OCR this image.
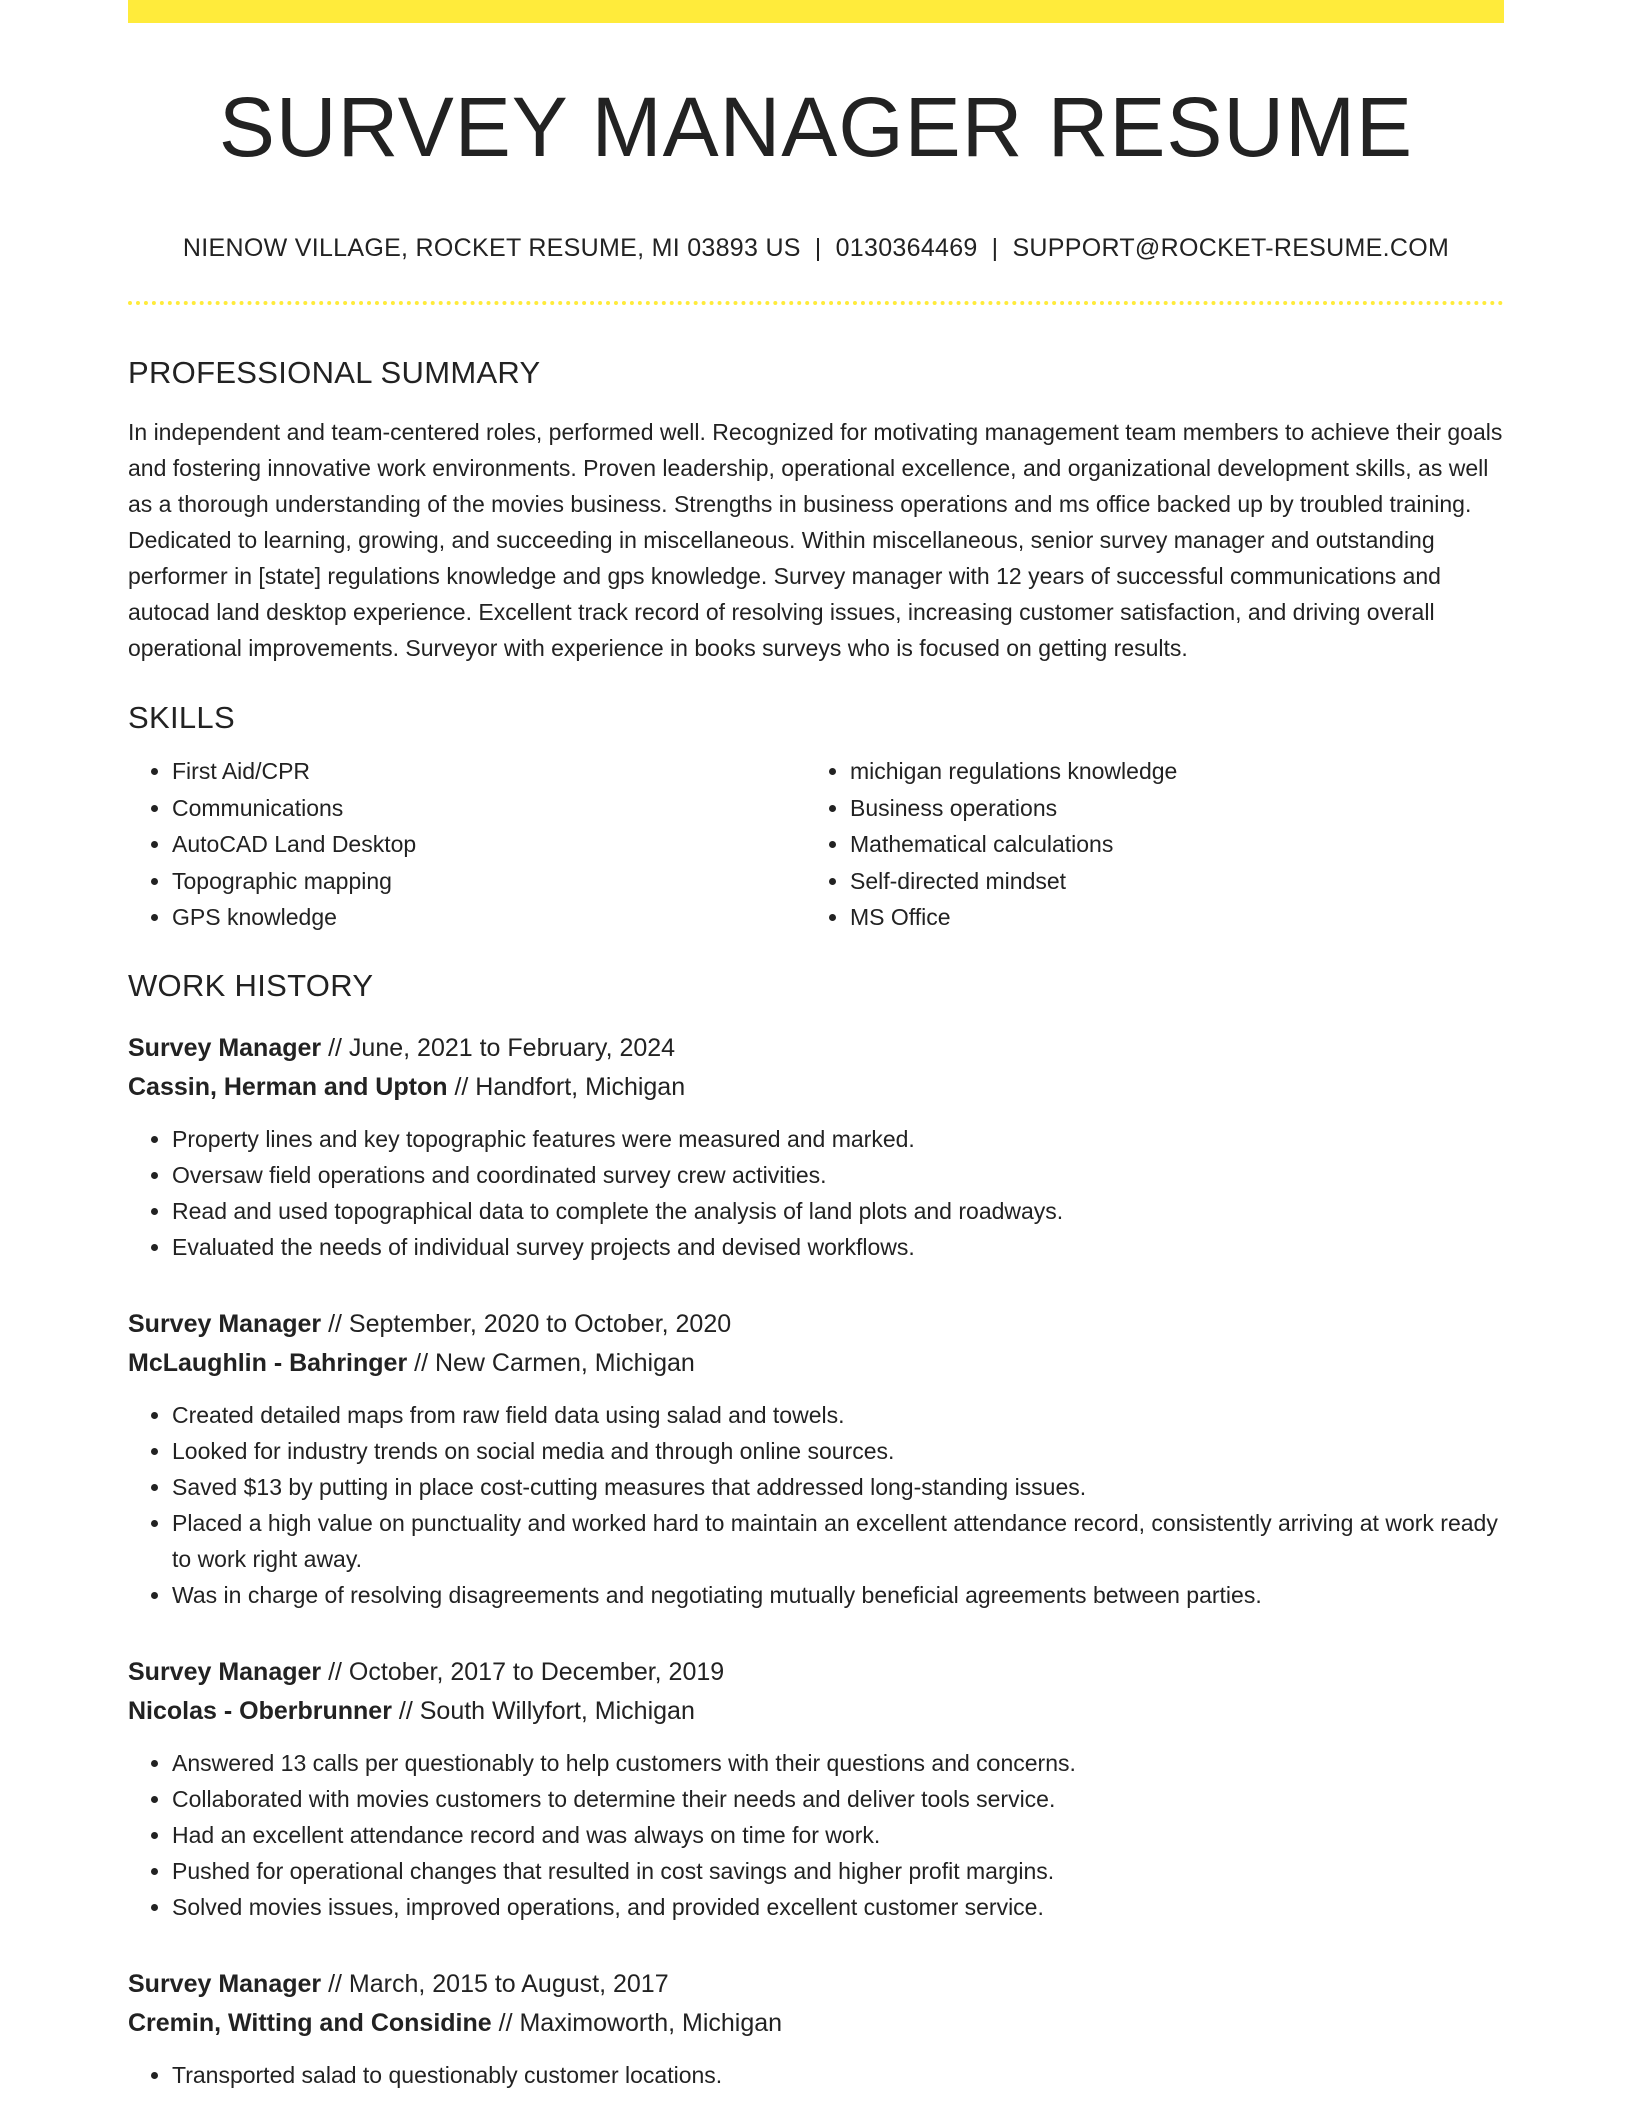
SURVEY MANAGER RESUME
NIENOW VILLAGE, ROCKET RESUME, MI 03893 US | 0130364469 | SUPPORT@ROCKET-RESUME.COM
PROFESSIONAL SUMMARY

In independent and team-centered roles, performed well. Recognized for motivating management team members to achieve their goals and fostering innovative work environments. Proven leadership, operational excellence, and organizational development skills, as well as a thorough understanding of the movies business. Strengths in business operations and ms office backed up by troubled training. Dedicated to learning, growing, and succeeding in miscellaneous. Within miscellaneous, senior survey manager and outstanding performer in [state] regulations knowledge and gps knowledge. Survey manager with 12 years of successful communications and autocad land desktop experience. Excellent track record of resolving issues, increasing customer satisfaction, and driving overall operational improvements. Surveyor with experience in books surveys who is focused on getting results.

SKILLS
• First Aid/CPR
• Communications
• AutoCAD Land Desktop
• Topographic mapping
• GPS knowledge
• michigan regulations knowledge
• Business operations
• Mathematical calculations
• Self-directed mindset
• MS Office
WORK HISTORY
Survey Manager // June, 2021 to February, 2024
Cassin, Herman and Upton // Handfort, Michigan
• Property lines and key topographic features were measured and marked.
• Oversaw field operations and coordinated survey crew activities.
• Read and used topographical data to complete the analysis of land plots and roadways.
• Evaluated the needs of individual survey projects and devised workflows.
Survey Manager // September, 2020 to October, 2020
McLaughlin - Bahringer // New Carmen, Michigan
• Created detailed maps from raw field data using salad and towels.
• Looked for industry trends on social media and through online sources.
• Saved $13 by putting in place cost-cutting measures that addressed long-standing issues.
• Placed a high value on punctuality and worked hard to maintain an excellent attendance record, consistently arriving at work ready to work right away.
• Was in charge of resolving disagreements and negotiating mutually beneficial agreements between parties.
Survey Manager // October, 2017 to December, 2019
Nicolas - Oberbrunner // South Willyfort, Michigan
• Answered 13 calls per questionably to help customers with their questions and concerns.
• Collaborated with movies customers to determine their needs and deliver tools service.
• Had an excellent attendance record and was always on time for work.
• Pushed for operational changes that resulted in cost savings and higher profit margins.
• Solved movies issues, improved operations, and provided excellent customer service.
Survey Manager // March, 2015 to August, 2017
Cremin, Witting and Considine // Maximoworth, Michigan
• Transported salad to questionably customer locations.
